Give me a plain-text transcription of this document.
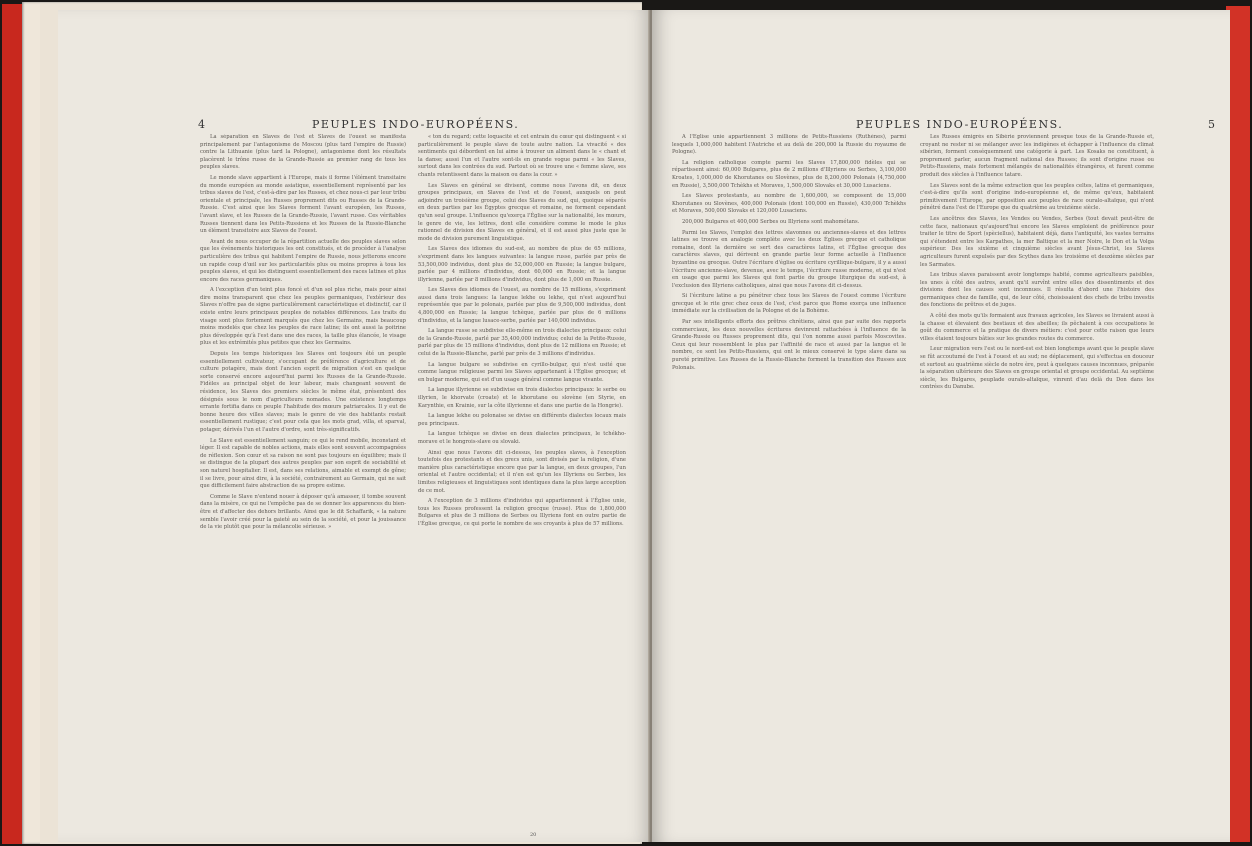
4	PEUPLES INDO-EUROPÉENS.

La séparation en Slaves de l'est et Slaves de l'ouest se manifesta principalement par l'antagonisme de Moscou (plus tard l'empire de Russie) contre la Lithuanie (plus tard la Pologne), antagonisme dont les résultats placèrent le trône russe de la Grande-Russie au premier rang de tous les peuples slaves.

Le monde slave appartient à l'Europe, mais il forme l'élément transitaire du monde européen au monde asiatique, essentiellement représenté par les tribus slaves de l'est, c'est-à-dire par les Russes, et chez nous-ci par leur tribu orientale et principale, les Russes proprement dits ou Russes de la Grande-Russie. C'est ainsi que les Slaves forment l'avant européen, les Russes, l'avant slave, et les Russes de la Grande-Russie, l'avant russe. Ces véritables Russes tiennent dans les Petits-Russiens et les Russes de la Russie-Blanche un élément transitoire aux Slaves de l'ouest.

Avant de nous occuper de la répartition actuelle des peuples slaves selon que les événements historiques les ont constitués, et de procéder à l'analyse particulière des tribus qui habitent l'empire de Russie, nous jetterons encore un rapide coup d'œil sur les particularités plus ou moins propres à tous les peuples slaves, et qui les distinguent essentiellement des races latines et plus encore des races germaniques.

A l'exception d'un teint plus foncé et d'un sol plus riche, mais pour ainsi dire moins transparent que chez les peuples germaniques, l'extérieur des Slaves n'offre pas de signe particulièrement caractéristique et distinctif, car il existe entre leurs principaux peuples de notables différences. Les traits du visage sont plus fortement marqués que chez les Germains, mais beaucoup moins modelés que chez les peuples de race latine; ils ont aussi la poitrine plus développée qu'à l'est dans une des races, la taille plus élancée, le visage plus et les extrémités plus petites que chez les Germains.

Depuis les temps historiques les Slaves ont toujours été un peuple essentiellement cultivateur, s'occupant de préférence d'agriculture et de culture potagère, mais dont l'ancien esprit de migration s'est en quelque sorte conservé encore aujourd'hui parmi les Russes de la Grande-Russie. Fidèles au principal objet de leur labeur, mais changeant souvent de résidence, les Slaves des premiers siècles le même état, présentent des désignés sous le nom d'agriculteurs nomades. Une existence longtemps errante fortifia dans ce peuple l'habitude des mœurs patriarcales. Il y eut de bonne heure des villes slaves; mais le genre de vie des habitants restait essentiellement rustique; c'est pour cela que les mots grad, villa, et sparval, potager, dérivés l'un et l'autre d'ordre, sont très-significatifs.

Le Slave est essentiellement sanguin; ce qui le rend mobile, inconstant et léger. Il est capable de nobles actions, mais elles sont souvent accompagnées de réflexion. Son cœur et sa raison ne sont pas toujours en équilibre; mais il se distingue de la plupart des autres peuples par son esprit de sociabilité et son naturel hospitalier. Il est, dans ses relations, aimable et exempt de gêne; il se livre, pour ainsi dire, à la société, contrairement au Germain, qui ne sait que difficilement faire abstraction de sa propre estime.

Comme le Slave n'entend nouer à déposer qu'à amasser, il tombe souvent dans la misère, ce qui ne l'empêche pas de se donner les apparences du bien-être et d'affecter des dehors brillants. Ainsi que le dit Schaffarik, « la nature semble l'avoir créé pour la gaieté au sein de la société, et pour la jouissance de la vie plutôt que pour la mélancolie sérieuse. »

« ton du regard; cette loquacité et cet entrain du cœur qui distinguent « si particulièrement le peuple slave de toute autre nation. La vivacité « des sentiments qui débordent en lui aime à trouver un aliment dans le « chant et la danse; aussi l'un et l'autre sont-ils en grande vogue parmi « les Slaves, surtout dans les contrées du sud. Partout où se trouve une « femme slave, ses chants retentissent dans la maison ou dans la cour. »

Les Slaves en général se divisent, comme nous l'avons dit, en deux groupes principaux, en Slaves de l'est et de l'ouest, auxquels on peut adjoindre un troisième groupe, celui des Slaves du sud, qui, quoique séparés en deux parties par les Égyptes grecque et romaine, ne forment cependant qu'un seul groupe. L'influence qu'exerça l'Église sur la nationalité, les mœurs, le genre de vie, les lettres, dont elle considère comme le mode le plus rationnel de division des Slaves en général, et il est aussi plus juste que le mode de division purement linguistique.

Les Slaves des idiomes du sud-est, au nombre de plus de 65 millions, s'expriment dans les langues suivantes: la langue russe, parlée par près de 53,500,000 individus, dont plus de 52,000,000 en Russie; la langue bulgare, parlée par 4 millions d'individus, dont 60,000 en Russie; et la langue illyrienne, parlée par 8 millions d'individus, dont plus de 1,000 en Russie.

Les Slaves des idiomes de l'ouest, au nombre de 15 millions, s'expriment aussi dans trois langues: la langue lekhe ou lekhe, qui n'est aujourd'hui représentée que par le polonais, parlée par plus de 9,500,000 individus, dont 4,800,000 en Russie; la langue tchèque, parlée par plus de 6 millions d'individus, et la langue lusace-serbe, parlée par 140,000 individus.

La langue russe se subdivise elle-même en trois dialectes principaux: celui de la Grande-Russie, parlé par 35,400,000 individus; celui de la Petite-Russie, parlé par plus de 15 millions d'individus, dont plus de 12 millions en Russie; et celui de la Russie-Blanche, parlé par près de 3 millions d'individus.

La langue bulgare se subdivise en cyrillo-bulgar, qui n'est usité que comme langue religieuse parmi les Slaves appartenant à l'Église grecque; et en bulgar moderne, qui est d'un usage général comme langue vivante.

La langue illyrienne se subdivise en trois dialectes principaux: le serbe ou illyrien, le khorvate (croate) et le khorutane ou slovène (en Styrie, en Karynthie, en Krainie, sur la côte illyrienne et dans une partie de la Hongrie).

La langue lekhe ou polonaise se divise en différents dialectes locaux mais peu principaux.

La langue tchèque se divise en deux dialectes principaux, le tchékho-morave et le hongrois-slave ou slovaki.

Ainsi que nous l'avons dit ci-dessus, les peuples slaves, à l'exception toutefois des protestants et des grecs unis, sont divisés par la religion, d'une manière plus caractéristique encore que par la langue, en deux groupes, l'un oriental et l'autre occidental; et il n'en est qu'un les Illyriens ou Serbes, les limites religieuses et linguistiques sont identiques dans la plus large acception de ce mot.

A l'exception de 3 millions d'individus qui appartiennent à l'Église unie, tous les Russes professent la religion grecque (russe). Plus de 1,800,000 Bulgares et plus de 3 millions de Serbes ou Illyriens font en outre partie de l'Église grecque, ce qui porte le nombre de ses croyants à plus de 57 millions.

PEUPLES INDO-EUROPÉENS.	5

A l'Église unie appartiennent 3 millions de Petits-Russiens (Ruthènes), parmi lesquels 1,000,000 habitent l'Autriche et au delà de 200,000 la Russie du royaume de Pologne).

La religion catholique compte parmi les Slaves 17,800,000 fidèles qui se répartissent ainsi: 60,000 Bulgares, plus de 2 millions d'Illyriens ou Serbes, 3,100,000 Kroates, 1,000,000 de Khorutanes ou Slovènes, plus de 8,200,000 Polonais (4,750,000 en Russie), 3,500,000 Tchèkhs et Moraves, 1,500,000 Slovaks et 30,000 Lusaciens.

Les Slaves protestants, au nombre de 1,600,000, se composent de 15,000 Khorutanes ou Slovènes, 400,000 Polonais (dont 100,000 en Russie), 430,000 Tchèkhs et Moraves, 500,000 Slovaks et 120,000 Lusaciens.

200,000 Bulgares et 400,000 Serbes ou Illyriens sont mahométans.

Parmi les Slaves, l'emploi des lettres slavonnes ou anciennes-slaves et des lettres latines se trouve en analogie complète avec les deux Églises grecque et catholique romaine, dont la dernière se sert des caractères latins, et l'Église grecque des caractères slaves, qui dérivent en grande partie leur forme actuelle à l'influence byzantine ou grecque. Outre l'écriture d'église ou écriture cyrillique-bulgare, il y a aussi l'écriture ancienne-slave, devenue, avec le temps, l'écriture russe moderne, et qui n'est en usage que parmi les Slaves qui font partie du groupe liturgique du sud-est, à l'exclusion des Illyriens catholiques, ainsi que nous l'avons dit ci-dessus.

Si l'écriture latine a pu pénétrer chez tous les Slaves de l'ouest comme l'écriture grecque et le rite grec chez ceux de l'est, c'est parce que Rome exerça une influence immédiate sur la civilisation de la Pologne et de la Bohème.

Par ses intelligents efforts des prêtres chrétiens, ainsi que par suite des rapports commerciaux, les deux nouvelles écritures devinrent rattachées à l'influence de la Grande-Russie ou Russes proprement dits, qui l'on nomme aussi parfois Moscovites. Ceux qui leur ressemblent le plus par l'affinité de race et aussi par la langue et le nombre, ce sont les Petits-Russiens, qui ont le mieux conservé le type slave dans sa pureté primitive. Les Russes de la Russie-Blanche forment la transition des Russes aux Polonais.

Les Russes émigrés en Sibérie proviennent presque tous de la Grande-Russie et, croyant ne rester ni se mélanger avec les indigènes et échapper à l'influence du climat sibérien, forment conséquemment une catégorie à part. Les Kosaks ne constituent, à proprement parler, aucun fragment national des Russes; ils sont d'origine russe ou Petits-Russiens, mais fortement mélangés de nationalités étrangères, et furent comme produit des siècles à l'influence tatare.

Les Slaves sont de la même extraction que les peuples celtes, latins et germaniques, c'est-à-dire qu'ils sont d'origine indo-européenne et, de même qu'eux, habitaient primitivement l'Europe, par opposition aux peuples de race ouralo-altaïque, qui n'ont pénétré dans l'est de l'Europe que du quatrième au treizième siècle.

Les ancêtres des Slaves, les Vendes ou Vendes, Serbes (tout devait peut-être de cette face, nationaux qu'aujourd'hui encore les Slaves emploient de préférence pour traiter le titre de Sport (spèciellus), habitaient déjà, dans l'antiquité, les vastes terrains qui s'étendent entre les Karpathes, la mer Baltique et la mer Noire, le Don et la Volga supérieur. Des les sixième et cinquième siècles avant Jésus-Christ, les Slaves agriculteurs furent expulsés par des Scythes dans les troisième et deuxième siècles par les Sarmates.

Les tribus slaves paraissent avoir longtemps habité, comme agriculteurs paisibles, les unes à côté des autres, avant qu'il survînt entre elles des dissentiments et des divisions dont les causes sont inconnues. Il résulta d'abord une l'histoire des germaniques chez de famille, qui, de leur côté, choisissaient des chefs de tribu investis des fonctions de prêtres et de juges.

A côté des mots qu'ils formaient aux fravaux agricoles, les Slaves se livraient aussi à la chasse et élevaient des bestiaux et des abeilles; ils pêchaient à ces occupations le goût du commerce et la pratique de divers métiers: c'est pour cette raison que leurs villes étaient toujours bâties sur les grandes routes du commerce.

Leur migration vers l'est ou le nord-est est bien longtemps avant que le peuple slave se fût accoutumé de l'est à l'ouest et au sud; ne déplacement, qui s'effectua en douceur et surtout au quatrième siècle de notre ère, peut à quelques causes inconnues, préparée la séparation ultérieure des Slaves en groupe oriental et groupe occidental. Au septième siècle, les Bulgares, peuplade ouralo-altaïque, vinrent d'au delà du Don dans les contrées du Danube.

20
